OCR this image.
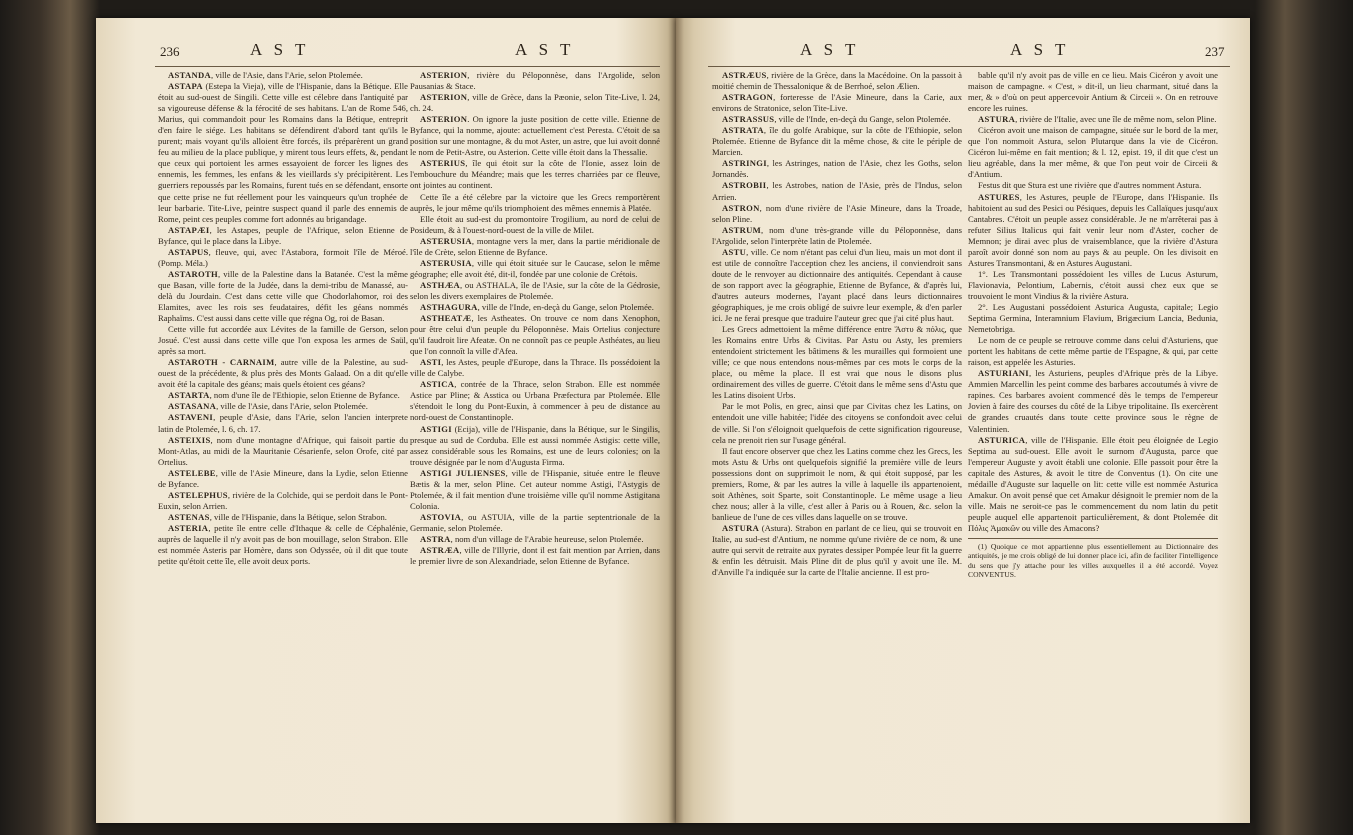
236	A S T	A S T

ASTANDA, ville de l'Asie, dans l'Arie, selon Ptolemée.

ASTAPA (Estepa la Vieja), ville de l'Hispanie, dans la Bétique. Elle étoit au sud-ouest de Singili. Cette ville est célebre dans l'antiquité par sa vigoureuse défense & la férocité de ses habitans. L'an de Rome 546, Marius, qui commandoit pour les Romains dans la Bétique, entreprit d'en faire le siége. Les habitans se défendirent d'abord tant qu'ils le purent; mais voyant qu'ils alloient être forcés, ils préparèrent un grand feu au milieu de la place publique, y mirent tous leurs effets, &, pendant que ceux qui portoient les armes essayoient de forcer les lignes des ennemis, les femmes, les enfans & les vieillards s'y précipitèrent. Les guerriers repoussés par les Romains, furent tués en se défendant, ensorte que cette prise ne fut réellement pour les vainqueurs qu'un trophée de leur barbarie. Tite-Live, peintre suspect quand il parle des ennemis de Rome, peint ces peuples comme fort adonnés au brigandage.

ASTAPÆI, les Astapes, peuple de l'Afrique, selon Etienne de Byfance, qui le place dans la Libye.

ASTAPUS, fleuve, qui, avec l'Astabora, formoit l'île de Méroé. (Pomp. Méla.)

ASTAROTH, ville de la Palestine dans la Batanée. C'est la même que Basan, ville forte de la Judée, dans la demi-tribu de Manassé, au-delà du Jourdain. C'est dans cette ville que Chodorlahomor, roi des Elamites, avec les rois ses feudataires, défit les géans nommés Raphaïms. C'est aussi dans cette ville que régna Og, roi de Basan.

Cette ville fut accordée aux Lévites de la famille de Gerson, selon Josué. C'est aussi dans cette ville que l'on exposa les armes de Saül, après sa mort.

ASTAROTH - CARNAIM, autre ville de la Palestine, au sud-ouest de la précédente, & plus près des Monts Galaad. On a dit qu'elle avoit été la capitale des géans; mais quels étoient ces géans?

ASTARTA, nom d'une île de l'Ethiopie, selon Etienne de Byfance.

ASTASANA, ville de l'Asie, dans l'Arie, selon Ptolemée.

ASTAVENI, peuple d'Asie, dans l'Arie, selon l'ancien interprete latin de Ptolemée, l. 6, ch. 17.

ASTEIXIS, nom d'une montagne d'Afrique, qui faisoit partie du Mont-Atlas, au midi de la Mauritanie Césarienfe, selon Orofe, cité par Ortelius.

ASTELEBE, ville de l'Asie Mineure, dans la Lydie, selon Etienne de Byfance.

ASTELEPHUS, rivière de la Colchide, qui se perdoit dans le Pont-Euxin, selon Arrien.

ASTENAS, ville de l'Hispanie, dans la Bétique, selon Strabon.

ASTERIA, petite île entre celle d'Ithaque & celle de Céphalénie, auprès de laquelle il n'y avoit pas de bon mouillage, selon Strabon. Elle est nommée Asteris par Homère, dans son Odyssée, où il dit que toute petite qu'étoit cette île, elle avoit deux ports.

ASTERION, rivière du Péloponnèse, dans l'Argolide, selon Pausanias & Stace.

ASTERION, ville de Grèce, dans la Pæonie, selon Tite-Live, l. 24, ch. 24.

ASTERION. On ignore la juste position de cette ville. Etienne de Byfance, qui la nomme, ajoute: actuellement c'est Peresta. C'étoit de sa position sur une montagne, & du mot Aster, un astre, que lui avoit donné le nom de Petit-Astre, ou Asterion. Cette ville étoit dans la Thessalie.

ASTERIUS, île qui étoit sur la côte de l'Ionie, assez loin de l'embouchure du Méandre; mais que les terres charriées par ce fleuve, ont jointes au continent.

Cette île a été célebre par la victoire que les Grecs remportèrent auprès, le jour même qu'ils triomphoient des mêmes ennemis à Platée.

Elle étoit au sud-est du promontoire Trogilium, au nord de celui de Posideum, & à l'ouest-nord-ouest de la ville de Milet.

ASTERUSIA, montagne vers la mer, dans la partie méridionale de l'île de Crète, selon Etienne de Byfance.

ASTERUSIA, ville qui étoit située sur le Caucase, selon le même géographe; elle avoit été, dit-il, fondée par une colonie de Crétois.

ASTHÆA, ou ASTHALA, île de l'Asie, sur la côte de la Gédrosie, selon les divers exemplaires de Ptolemée.

ASTHAGURA, ville de l'Inde, en-deçà du Gange, selon Ptolemée.

ASTHEATÆ, les Astheates. On trouve ce nom dans Xenophon, pour être celui d'un peuple du Péloponnèse. Mais Ortelius conjecture qu'il faudroit lire Afeatæ. On ne connoît pas ce peuple Asthéates, au lieu que l'on connoît la ville d'Afea.

ASTI, les Astes, peuple d'Europe, dans la Thrace. Ils possédoient la ville de Calybe.

ASTICA, contrée de la Thrace, selon Strabon. Elle est nommée Astice par Pline; & Asstica ou Urbana Præfectura par Ptolemée. Elle s'étendoit le long du Pont-Euxin, à commencer à peu de distance au nord-ouest de Constantinople.

ASTIGI (Ecija), ville de l'Hispanie, dans la Bétique, sur le Singilis, presque au sud de Corduba. Elle est aussi nommée Astigis: cette ville, assez considérable sous les Romains, est une de leurs colonies; on la trouve désignée par le nom d'Augusta Firma.

ASTIGI JULIENSES, ville de l'Hispanie, située entre le fleuve Bætis & la mer, selon Pline. Cet auteur nomme Astigi, l'Astygis de Ptolemée, & il fait mention d'une troisième ville qu'il nomme Astigitana Colonia.

ASTOVIA, ou ASTUIA, ville de la partie septentrionale de la Germanie, selon Ptolemée.

ASTRA, nom d'un village de l'Arabie heureuse, selon Ptolemée.

ASTRÆA, ville de l'Illyrie, dont il est fait mention par Arrien, dans le premier livre de son Alexandriade, selon Etienne de Byfance.

A S T	A S T	237

ASTRÆUS, rivière de la Grèce, dans la Macédoine. On la passoit à moitié chemin de Thessalonique & de Berrhoé, selon Ælien.

ASTRAGON, forteresse de l'Asie Mineure, dans la Carie, aux environs de Stratonice, selon Tite-Live.

ASTRASSUS, ville de l'Inde, en-deçà du Gange, selon Ptolemée.

ASTRATA, île du golfe Arabique, sur la côte de l'Ethiopie, selon Ptolemée. Etienne de Byfance dit la même chose, & cite le périple de Marcien.

ASTRINGI, les Astringes, nation de l'Asie, chez les Goths, selon Jornandès.

ASTROBII, les Astrobes, nation de l'Asie, près de l'Indus, selon Arrien.

ASTRON, nom d'une rivière de l'Asie Mineure, dans la Troade, selon Pline.

ASTRUM, nom d'une très-grande ville du Péloponnèse, dans l'Argolide, selon l'interprète latin de Ptolemée.

ASTU, ville. Ce nom n'étant pas celui d'un lieu, mais un mot dont il est utile de connoître l'acception chez les anciens, il conviendroit sans doute de le renvoyer au dictionnaire des antiquités. Cependant à cause de son rapport avec la géographie, Etienne de Byfance, & d'après lui, d'autres auteurs modernes, l'ayant placé dans leurs dictionnaires géographiques, je me crois obligé de suivre leur exemple, & d'en parler ici. Je ne ferai presque que traduire l'auteur grec que j'ai cité plus haut.

Les Grecs admettoient la même différence entre Ἄστυ & πόλις, que les Romains entre Urbs & Civitas. Par Astu ou Asty, les premiers entendoient strictement les bâtimens & les murailles qui formoient une ville; ce que nous entendons nous-mêmes par ces mots le corps de la place, ou même la place. Il est vrai que nous le disons plus ordinairement des villes de guerre. C'étoit dans le même sens d'Astu que les Latins disoient Urbs.

Par le mot Polis, en grec, ainsi que par Civitas chez les Latins, on entendoit une ville habitée; l'idée des citoyens se confondoit avec celui de ville. Si l'on s'éloignoit quelquefois de cette signification rigoureuse, cela ne prenoit rien sur l'usage général.

Il faut encore observer que chez les Latins comme chez les Grecs, les mots Astu & Urbs ont quelquefois signifié la première ville de leurs possessions dont on supprimoit le nom, & qui étoit supposé, par les premiers, Rome, & par les autres la ville à laquelle ils appartenoient, soit Athènes, soit Sparte, soit Constantinople. Le même usage a lieu chez nous; aller à la ville, c'est aller à Paris ou à Rouen, &c. selon la banlieue de l'une de ces villes dans laquelle on se trouve.

ASTURA (Astura). Strabon en parlant de ce lieu, qui se trouvoit en Italie, au sud-est d'Antium, ne nomme qu'une rivière de ce nom, & une autre qui servit de retraite aux pyrates dessiper Pompée leur fit la guerre & enfin les détruisit. Mais Pline dit de plus qu'il y avoit une île. M. d'Anville l'a indiquée sur la carte de l'Italie ancienne. Il est pro-

bable qu'il n'y avoit pas de ville en ce lieu. Mais Cicéron y avoit une maison de campagne. « C'est, » dit-il, un lieu charmant, situé dans la mer, & » d'où on peut appercevoir Antium & Circeii ». On en retrouve encore les ruines.

ASTURA, rivière de l'Italie, avec une île de même nom, selon Pline.

Cicéron avoit une maison de campagne, située sur le bord de la mer, que l'on nommoit Astura, selon Plutarque dans la vie de Cicéron. Cicéron lui-même en fait mention; & l. 12, epist. 19, il dit que c'est un lieu agréable, dans la mer même, & que l'on peut voir de Circeii & d'Antium.

Festus dit que Stura est une rivière que d'autres nomment Astura.

ASTURES, les Astures, peuple de l'Europe, dans l'Hispanie. Ils habitoient au sud des Pesici ou Pésiques, depuis les Callaïques jusqu'aux Cantabres. C'étoit un peuple assez considérable. Je ne m'arrêterai pas à refuter Silius Italicus qui fait venir leur nom d'Aster, cocher de Memnon; je dirai avec plus de vraisemblance, que la rivière d'Astura paroît avoir donné son nom au pays & au peuple. On les divisoit en Astures Transmontani, & en Astures Augustani.

1°. Les Transmontani possédoient les villes de Lucus Asturum, Flavionavia, Pelontium, Labernis, c'étoit aussi chez eux que se trouvoient le mont Vindius & la rivière Astura.

2°. Les Augustani possédoient Asturica Augusta, capitale; Legio Septima Germina, Interamnium Flavium, Brigæcium Lancia, Bedunia, Nemetobriga.

Le nom de ce peuple se retrouve comme dans celui d'Asturiens, que portent les habitans de cette même partie de l'Espagne, & qui, par cette raison, est appelée les Asturies.

ASTURIANI, les Asturiens, peuples d'Afrique près de la Libye. Ammien Marcellin les peint comme des barbares accoutumés à vivre de rapines. Ces barbares avoient commencé dès le temps de l'empereur Jovien à faire des courses du côté de la Libye tripolitaine. Ils exercèrent de grandes cruautés dans toute cette province sous le règne de Valentinien.

ASTURICA, ville de l'Hispanie. Elle étoit peu éloignée de Legio Septima au sud-ouest. Elle avoit le surnom d'Augusta, parce que l'empereur Auguste y avoit établi une colonie. Elle passoit pour être la capitale des Astures, & avoit le titre de Conventus (1). On cite une médaille d'Auguste sur laquelle on lit: cette ville est nommée Asturica Amakur. On avoit pensé que cet Amakur désignoit le premier nom de la ville. Mais ne seroit-ce pas le commencement du nom latin du petit peuple auquel elle appartenoit particulièrement, & dont Ptolemée dit Πόλις Ἀμακῶν ou ville des Amacons?

(1) Quoique ce mot appartienne plus essentiellement au Dictionnaire des antiquités, je me crois obligé de lui donner place ici, afin de faciliter l'intelligence du sens que j'y attache pour les villes auxquelles il a été accordé. Voyez CONVENTUS.
